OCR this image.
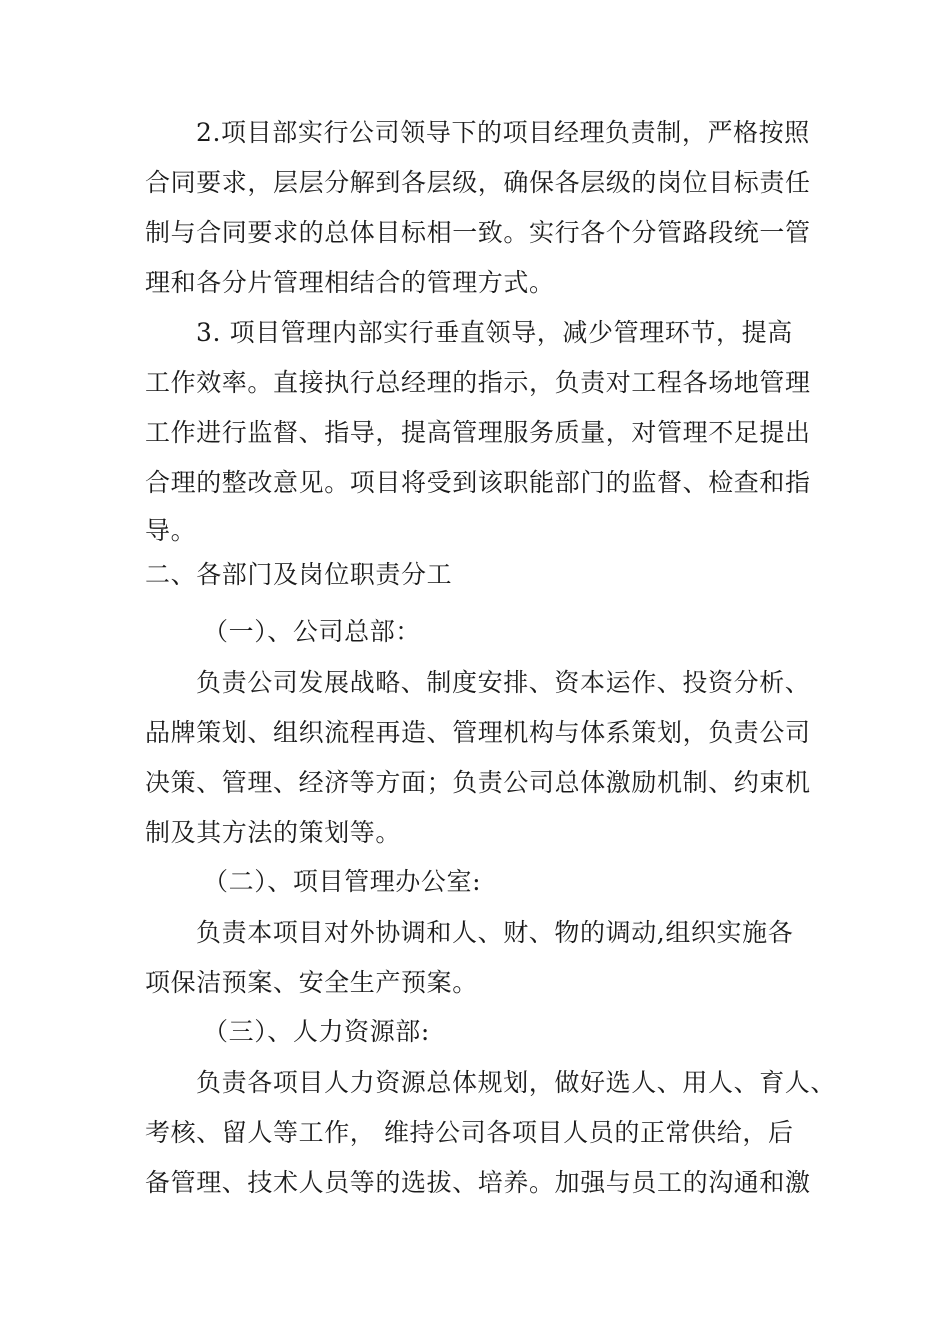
2.项目部实行公司领导下的项目经理负责制，严格按照

合同要求，层层分解到各层级，确保各层级的岗位目标责任

制与合同要求的总体目标相一致。实行各个分管路段统一管

理和各分片管理相结合的管理方式。

3. 项目管理内部实行垂直领导，减少管理环节，提高

工作效率。直接执行总经理的指示，负责对工程各场地管理

工作进行监督、指导，提高管理服务质量，对管理不足提出

合理的整改意见。项目将受到该职能部门的监督、检查和指

导。

二、各部门及岗位职责分工

（一）、公司总部：

负责公司发展战略、制度安排、资本运作、投资分析、

品牌策划、组织流程再造、管理机构与体系策划，负责公司

决策、管理、经济等方面；负责公司总体激励机制、约束机

制及其方法的策划等。

（二）、项目管理办公室:

负责本项目对外协调和人、财、物的调动,组织实施各

项保洁预案、安全生产预案。

（三）、人力资源部:

负责各项目人力资源总体规划，做好选人、用人、育人、

考核、留人等工作， 维持公司各项目人员的正常供给，后

备管理、技术人员等的选拔、培养。加强与员工的沟通和激
